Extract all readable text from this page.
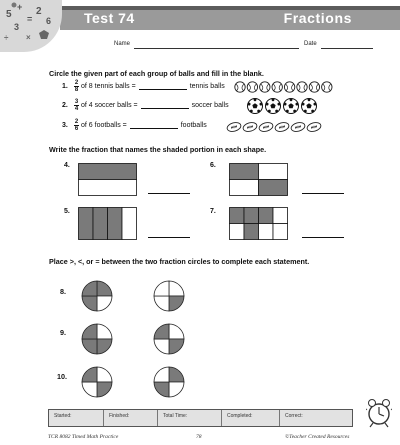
5
+
3
=
2
6
÷ ×
Test 74	Fractions
Name	Date
Circle the given part of each group of balls and fill in the blank.
1.	$\frac{2}{8}$ of 8 tennis balls =	tennis balls
2.	$\frac{3}{4}$ of 4 soccer balls =	soccer balls
3.	$\frac{2}{6}$ of 6 footballs =	footballs
Write the fraction that names the shaded portion in each shape.
4.	6.
5.	7.
Place >, <, or = between the two fraction circles to complete each statement.
8.
9.
10.
Started:	Finished:	Total Time:	Completed:	Correct:
TCR 8082 Timed Math Practice	78	©Teacher Created Resources
